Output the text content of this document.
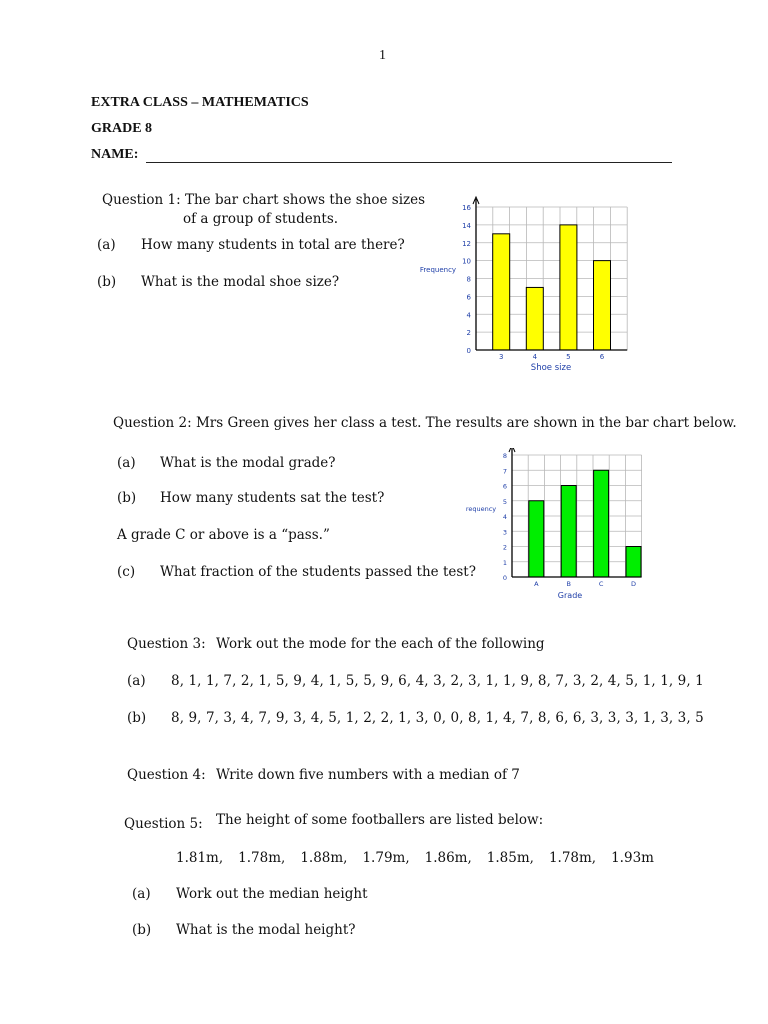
1
EXTRA CLASS – MATHEMATICS
GRADE 8
NAME:
Question 1: The bar chart shows the shoe sizes
of a group of students.
(a) How many students in total are there?
(b) What is the modal shoe size?
3	4	5	6
0
2
4
6
8
10
12
14
16
Shoe size
Frequency
Question 2: Mrs Green gives her class a test. The results are shown in the bar chart below.
(a) What is the modal grade?
(b) How many students sat the test?
A grade C or above is a “pass.”
(c) What fraction of the students passed the test?
A	B	C	D
0
1
2
3
4
5
6
7
8
Grade
requency
Question 3: Work out the mode for the each of the following
(a) 8, 1, 1, 7, 2, 1, 5, 9, 4, 1, 5, 5, 9, 6, 4, 3, 2, 3, 1, 1, 9, 8, 7, 3, 2, 4, 5, 1, 1, 9, 1
(b) 8, 9, 7, 3, 4, 7, 9, 3, 4, 5, 1, 2, 2, 1, 3, 0, 0, 8, 1, 4, 7, 8, 6, 6, 3, 3, 3, 1, 3, 3, 5
Question 4: Write down five numbers with a median of 7
Question 5: The height of some footballers are listed below:
1.81m, 1.78m, 1.88m, 1.79m, 1.86m, 1.85m, 1.78m, 1.93m
(a) Work out the median height
(b) What is the modal height?
